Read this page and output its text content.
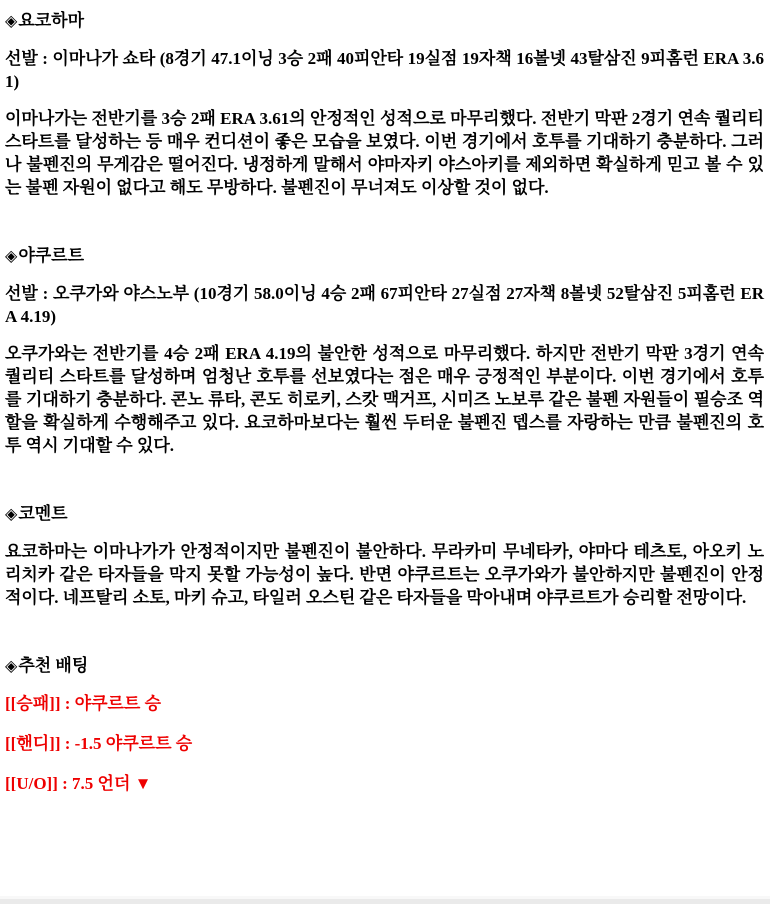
◈요코하마

선발 : 이마나가 쇼타 (8경기 47.1이닝 3승 2패 40피안타 19실점 19자책 16볼넷 43탈삼진 9피홈런 ERA 3.61)

이마나가는 전반기를 3승 2패 ERA 3.61의 안정적인 성적으로 마무리했다. 전반기 막판 2경기 연속 퀄리티 스타트를 달성하는 등 매우 컨디션이 좋은 모습을 보였다. 이번 경기에서 호투를 기대하기 충분하다. 그러나 불펜진의 무게감은 떨어진다. 냉정하게 말해서 야마자키 야스아키를 제외하면 확실하게 믿고 볼 수 있는 불펜 자원이 없다고 해도 무방하다. 불펜진이 무너져도 이상할 것이 없다.

◈야쿠르트

선발 : 오쿠가와 야스노부 (10경기 58.0이닝 4승 2패 67피안타 27실점 27자책 8볼넷 52탈삼진 5피홈런 ERA 4.19)

오쿠가와는 전반기를 4승 2패 ERA 4.19의 불안한 성적으로 마무리했다. 하지만 전반기 막판 3경기 연속 퀄리티 스타트를 달성하며 엄청난 호투를 선보였다는 점은 매우 긍정적인 부분이다. 이번 경기에서 호투를 기대하기 충분하다. 콘노 류타, 콘도 히로키, 스캇 맥거프, 시미즈 노보루 같은 불펜 자원들이 필승조 역할을 확실하게 수행해주고 있다. 요코하마보다는 훨씬 두터운 불펜진 뎁스를 자랑하는 만큼 불펜진의 호투 역시 기대할 수 있다.

◈코멘트

요코하마는 이마나가가 안정적이지만 불펜진이 불안하다. 무라카미 무네타카, 야마다 테츠토, 아오키 노리치카 같은 타자들을 막지 못할 가능성이 높다. 반면 야쿠르트는 오쿠가와가 불안하지만 불펜진이 안정적이다. 네프탈리 소토, 마키 슈고, 타일러 오스틴 같은 타자들을 막아내며 야쿠르트가 승리할 전망이다.

◈추천 배팅

[[승패]] : 야쿠르트 승

[[핸디]] : -1.5 야쿠르트 승

[[U/O]] : 7.5 언더 ▼
